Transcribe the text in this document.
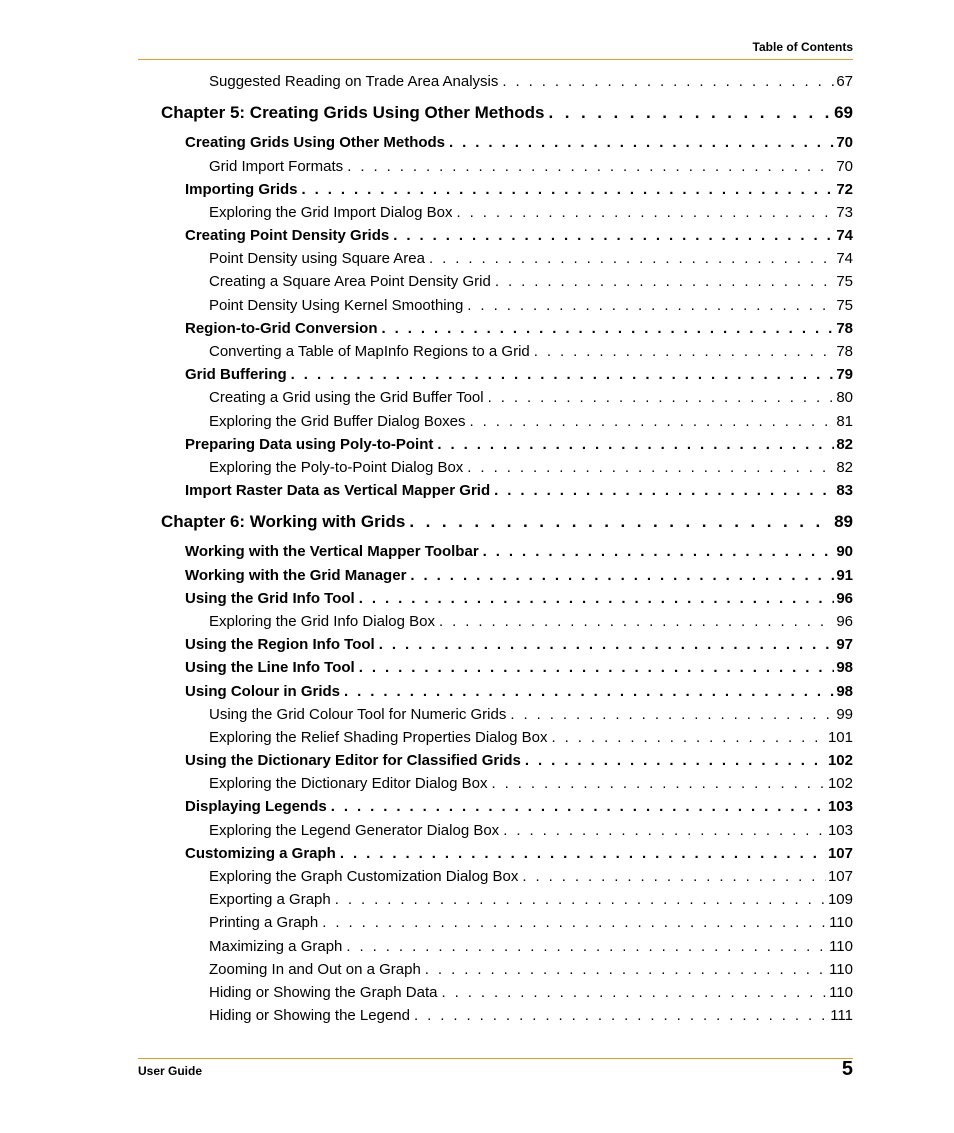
Table of Contents
Suggested Reading on Trade Area Analysis . . .	67
Chapter 5: Creating Grids Using Other Methods . . .	69
Creating Grids Using Other Methods . . .	70
Grid Import Formats . . .	70
Importing Grids . . .	72
Exploring the Grid Import Dialog Box . . .	73
Creating Point Density Grids . . .	74
Point Density using Square Area . . .	74
Creating a Square Area Point Density Grid . . .	75
Point Density Using Kernel Smoothing . . .	75
Region-to-Grid Conversion . . .	78
Converting a Table of MapInfo Regions to a Grid . . .	78
Grid Buffering . . .	79
Creating a Grid using the Grid Buffer Tool . . .	80
Exploring the Grid Buffer Dialog Boxes . . .	81
Preparing Data using Poly-to-Point . . .	82
Exploring the Poly-to-Point Dialog Box . . .	82
Import Raster Data as Vertical Mapper Grid . . .	83
Chapter 6: Working with Grids . . .	89
Working with the Vertical Mapper Toolbar . . .	90
Working with the Grid Manager . . .	91
Using the Grid Info Tool . . .	96
Exploring the Grid Info Dialog Box . . .	96
Using the Region Info Tool . . .	97
Using the Line Info Tool . . .	98
Using Colour in Grids . . .	98
Using the Grid Colour Tool for Numeric Grids . . .	99
Exploring the Relief Shading Properties Dialog Box . . .	101
Using the Dictionary Editor for Classified Grids . . .	102
Exploring the Dictionary Editor Dialog Box . . .	102
Displaying Legends . . .	103
Exploring the Legend Generator Dialog Box . . .	103
Customizing a Graph . . .	107
Exploring the Graph Customization Dialog Box . . .	107
Exporting a Graph . . .	109
Printing a Graph . . .	110
Maximizing a Graph . . .	110
Zooming In and Out on a Graph . . .	110
Hiding or Showing the Graph Data . . .	110
Hiding or Showing the Legend . . .	111
User Guide	5
